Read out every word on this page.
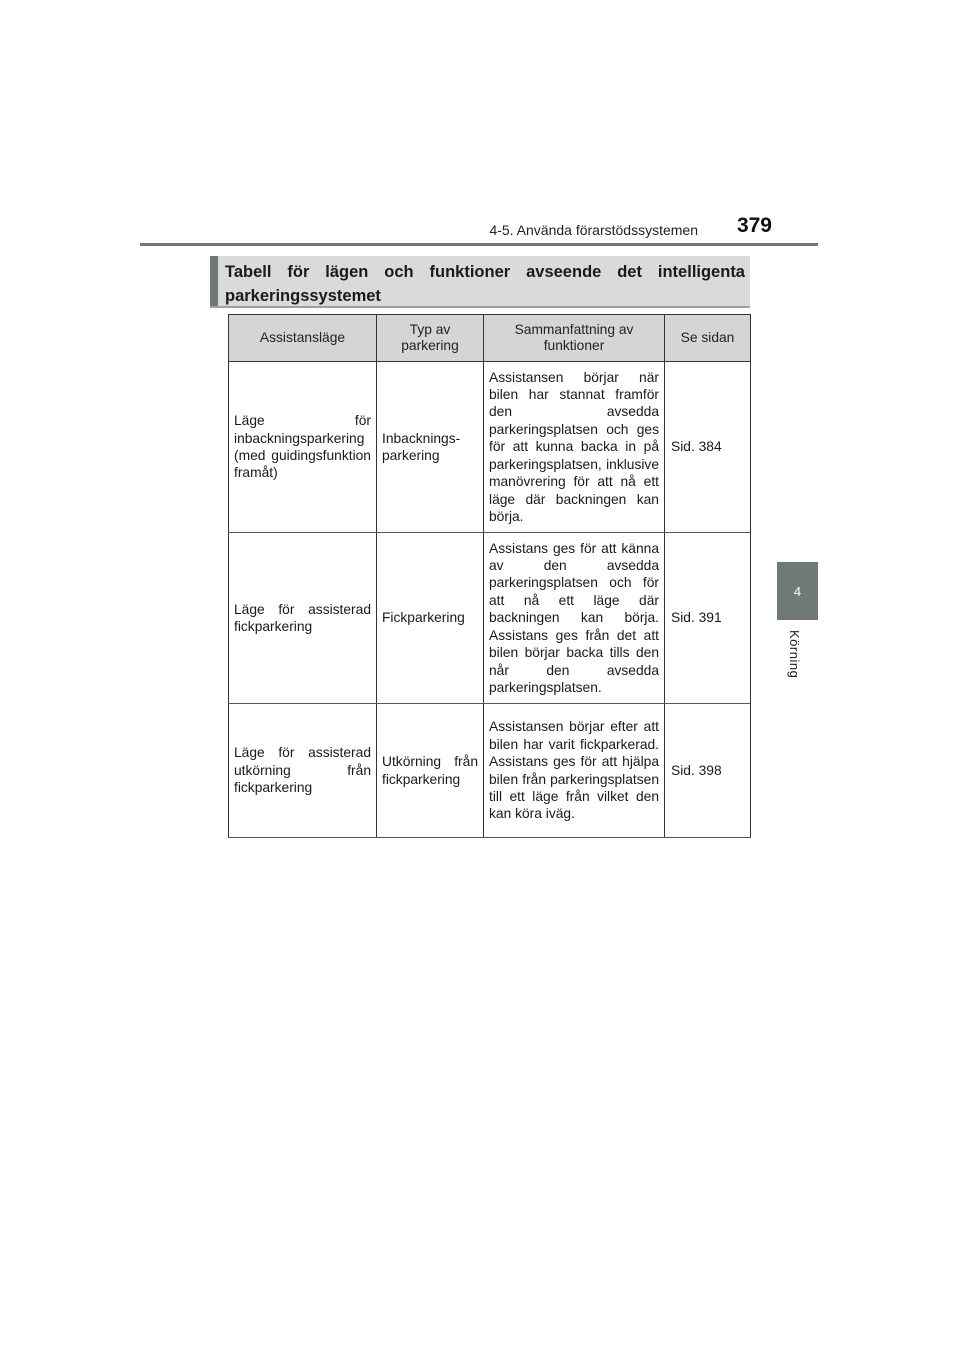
4-5. Använda förarstödssystemen 379
4
Körning
Tabell för lägen och funktioner avseende det intelligenta parkeringssystemet
Assistansläge	Typ av parkering	Sammanfattning av funktioner	Se sidan
Läge för inbackningsparkering (med guidingsfunktion framåt)	Inbacknings-parkering	Assistansen börjar när bilen har stannat framför den avsedda parkeringsplatsen och ges för att kunna backa in på parkeringsplatsen, inklusive manövrering för att nå ett läge där backningen kan börja.	Sid. 384
Läge för assisterad fickparkering	Fickparkering	Assistans ges för att känna av den avsedda parkeringsplatsen och för att nå ett läge där backningen kan börja. Assistans ges från det att bilen börjar backa tills den når den avsedda parkeringsplatsen.	Sid. 391
Läge för assisterad utkörning från fickparkering	Utkörning från fickparkering	Assistansen börjar efter att bilen har varit fickparkerad. Assistans ges för att hjälpa bilen från parkeringsplatsen till ett läge från vilket den kan köra iväg.	Sid. 398
